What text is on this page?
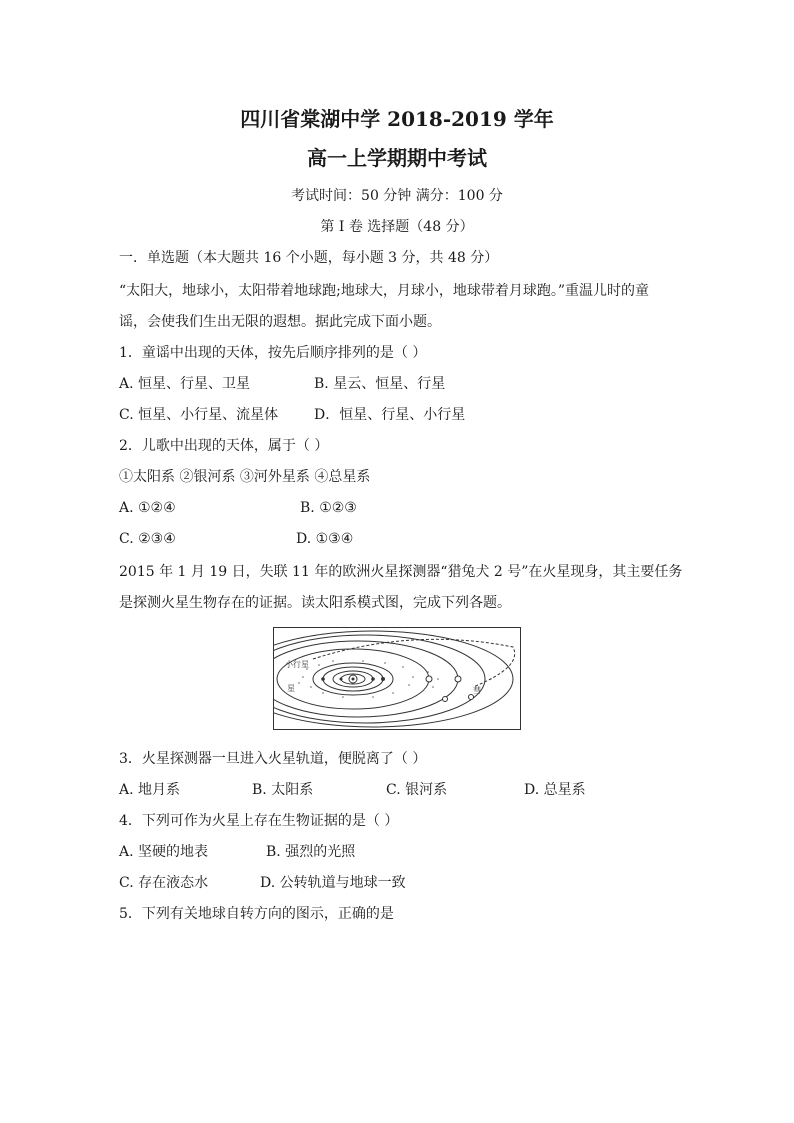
四川省棠湖中学 2018-2019 学年
高一上学期期中考试
考试时间：50 分钟 满分：100 分
第 I 卷 选择题（48 分）
一．单选题（本大题共 16 个小题，每小题 3 分，共 48 分）
“太阳大，地球小，太阳带着地球跑;地球大，月球小，地球带着月球跑。”重温儿时的童
谣，会使我们生出无限的遐想。据此完成下面小题。
1．童谣中出现的天体，按先后顺序排列的是（ ）
A. 恒星、行星、卫星	B. 星云、恒星、行星
C. 恒星、小行星、流星体	D．恒星、行星、小行星
2．儿歌中出现的天体，属于（ ）
①太阳系 ②银河系 ③河外星系 ④总星系
A. ①②④	B. ①②③
C. ②③④	D. ①③④
2015 年 1 月 19 日，失联 11 年的欧洲火星探测器“猎兔犬 2 号”在火星现身，其主要任务
是探测火星生物存在的证据。读太阳系模式图，完成下列各题。
小行星
星	彗
3．火星探测器一旦进入火星轨道，便脱离了（ ）
A. 地月系	B. 太阳系	C. 银河系	D. 总星系
4．下列可作为火星上存在生物证据的是（ ）
A. 坚硬的地表	B. 强烈的光照
C. 存在液态水	D. 公转轨道与地球一致
5．下列有关地球自转方向的图示，正确的是
